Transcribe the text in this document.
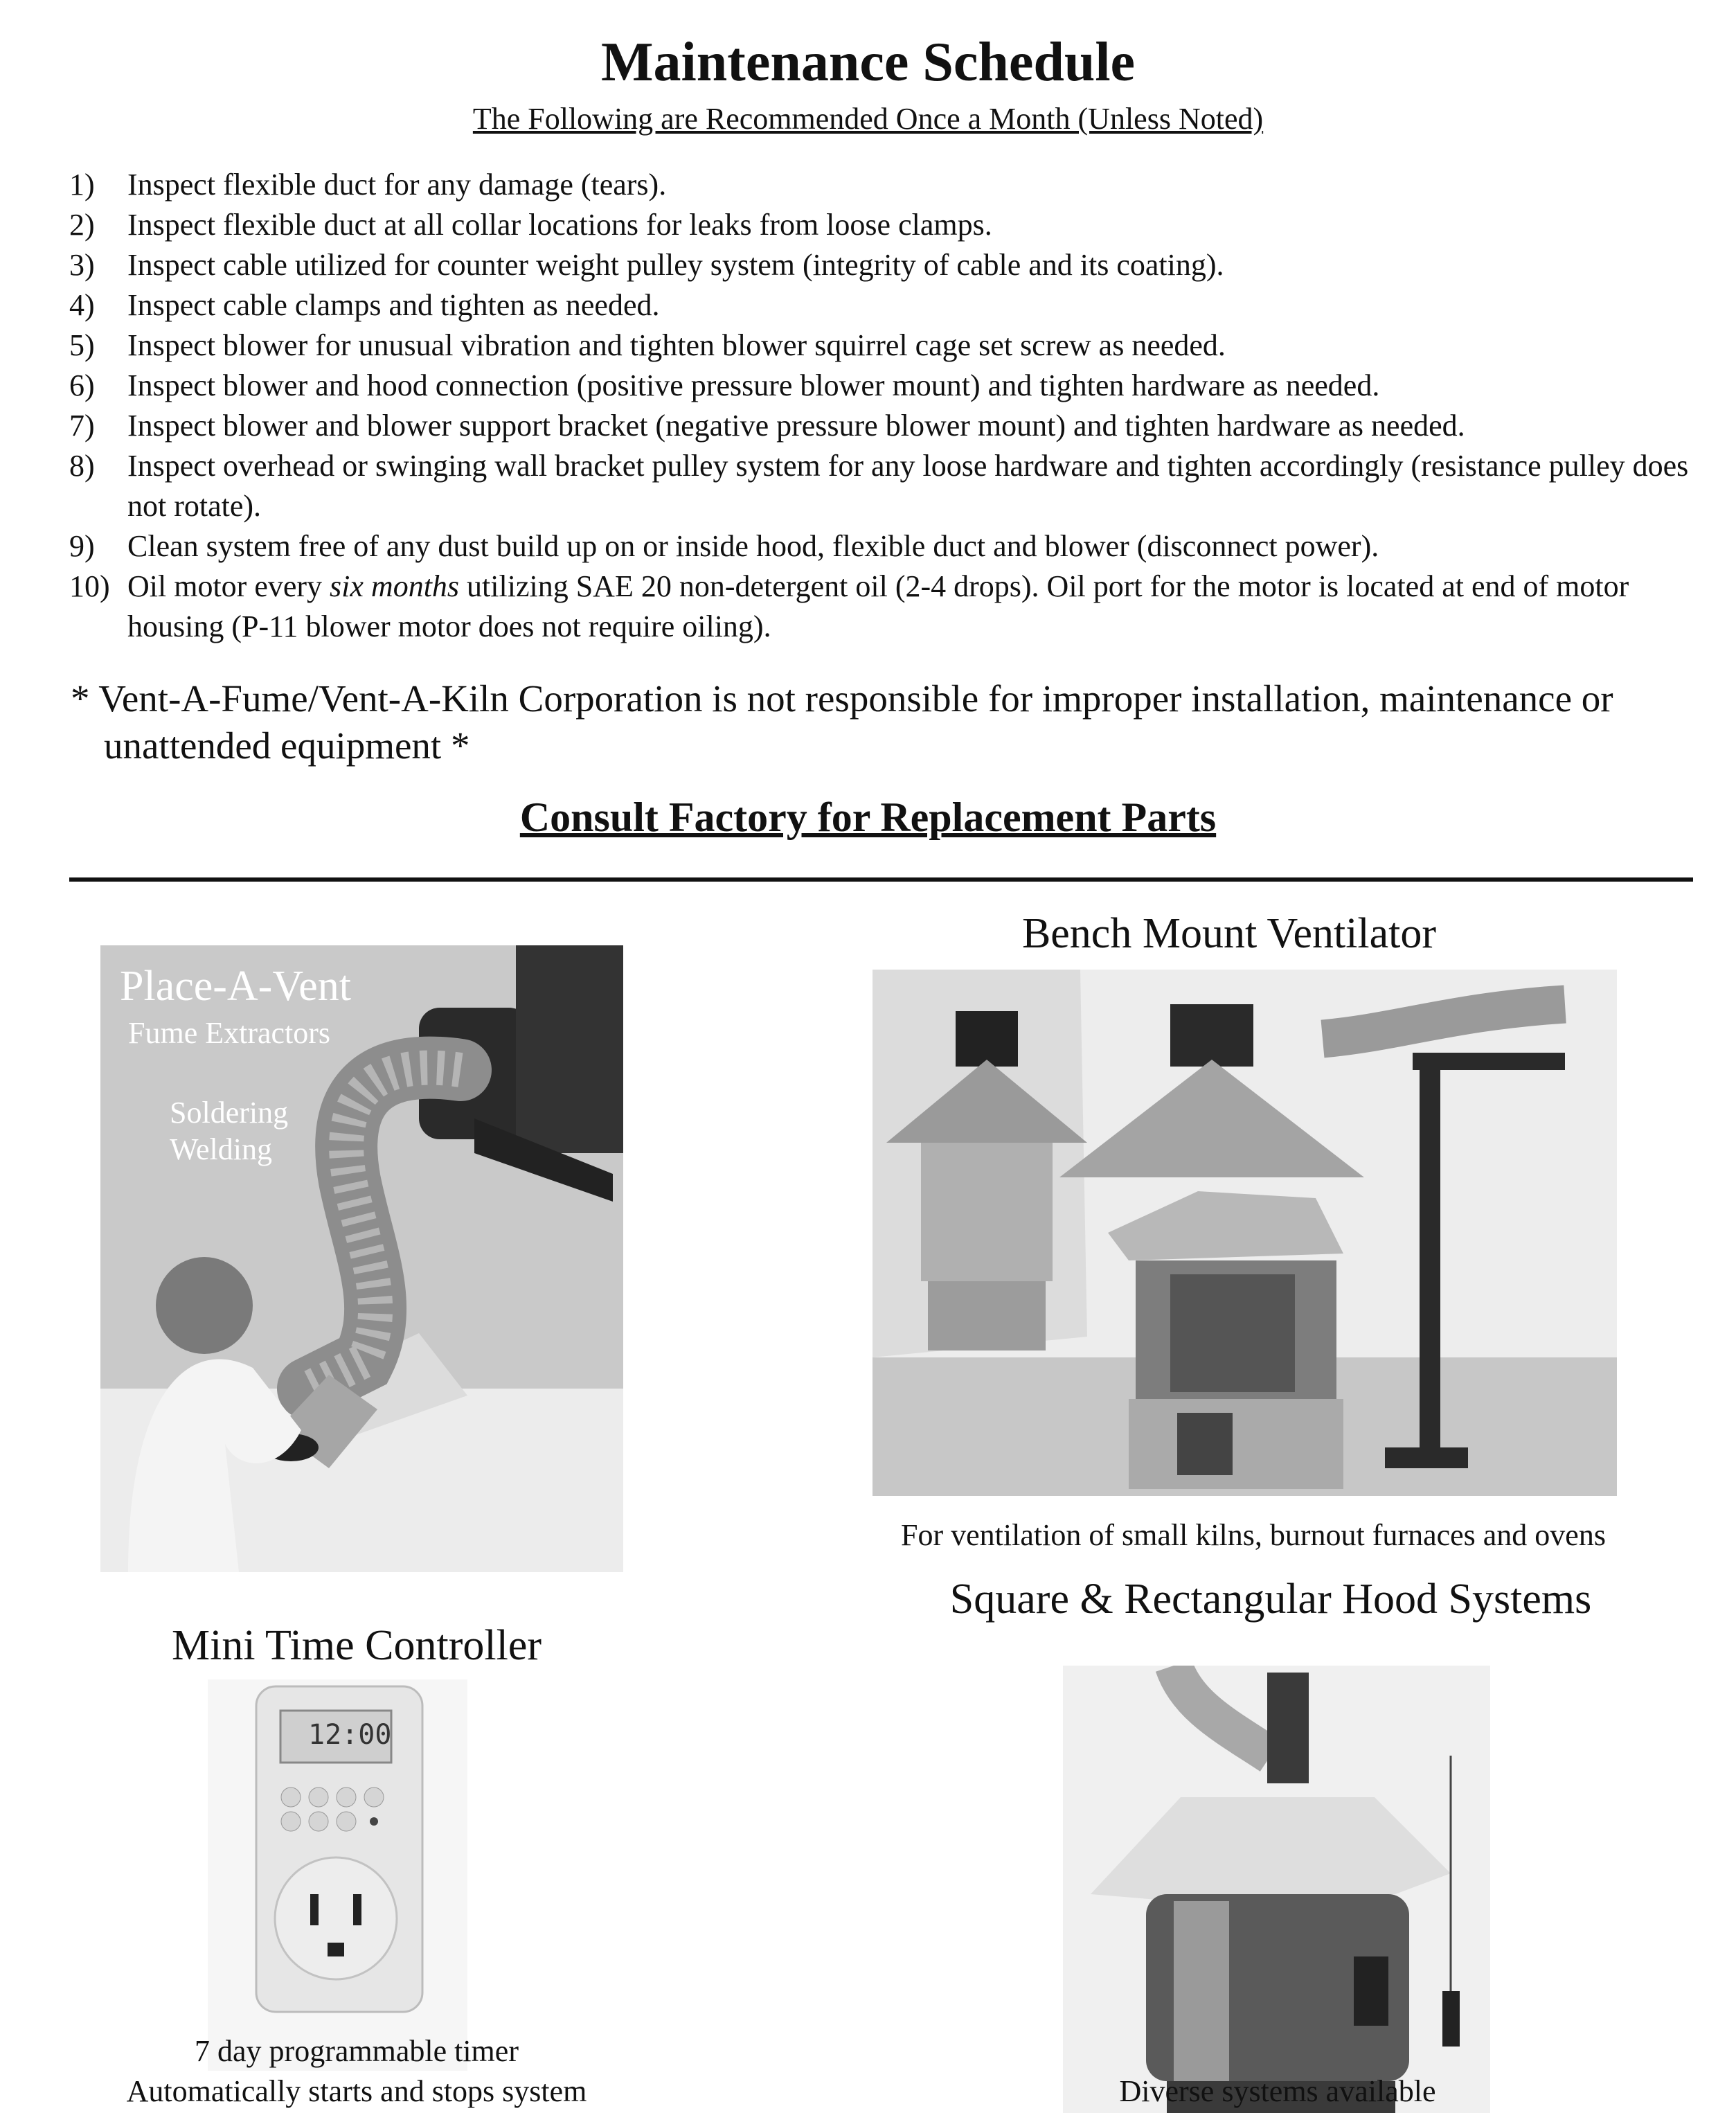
Maintenance Schedule
The Following are Recommended Once a Month (Unless Noted)
1) Inspect flexible duct for any damage (tears).
2) Inspect flexible duct at all collar locations for leaks from loose clamps.
3) Inspect cable utilized for counter weight pulley system (integrity of cable and its coating).
4) Inspect cable clamps and tighten as needed.
5) Inspect blower for unusual vibration and tighten blower squirrel cage set screw as needed.
6) Inspect blower and hood connection (positive pressure blower mount) and tighten hardware as needed.
7) Inspect blower and blower support bracket (negative pressure blower mount) and tighten hardware as needed.
8) Inspect overhead or swinging wall bracket pulley system for any loose hardware and tighten accordingly (resistance pulley does not rotate).
9) Clean system free of any dust build up on or inside hood, flexible duct and blower (disconnect power).
10) Oil motor every six months utilizing SAE 20 non-detergent oil (2-4 drops). Oil port for the motor is located at end of motor housing (P-11 blower motor does not require oiling).
* Vent-A-Fume/Vent-A-Kiln Corporation is not responsible for improper installation, maintenance or unattended equipment *
Consult Factory for Replacement Parts
Place-A-Vent
Fume Extractors
Soldering
Welding
Bench Mount Ventilator
For ventilation of small kilns, burnout furnaces and ovens
Square & Rectangular Hood Systems
Diverse systems available
Mini Time Controller
12:00
7 day programmable timer
Automatically starts and stops system
